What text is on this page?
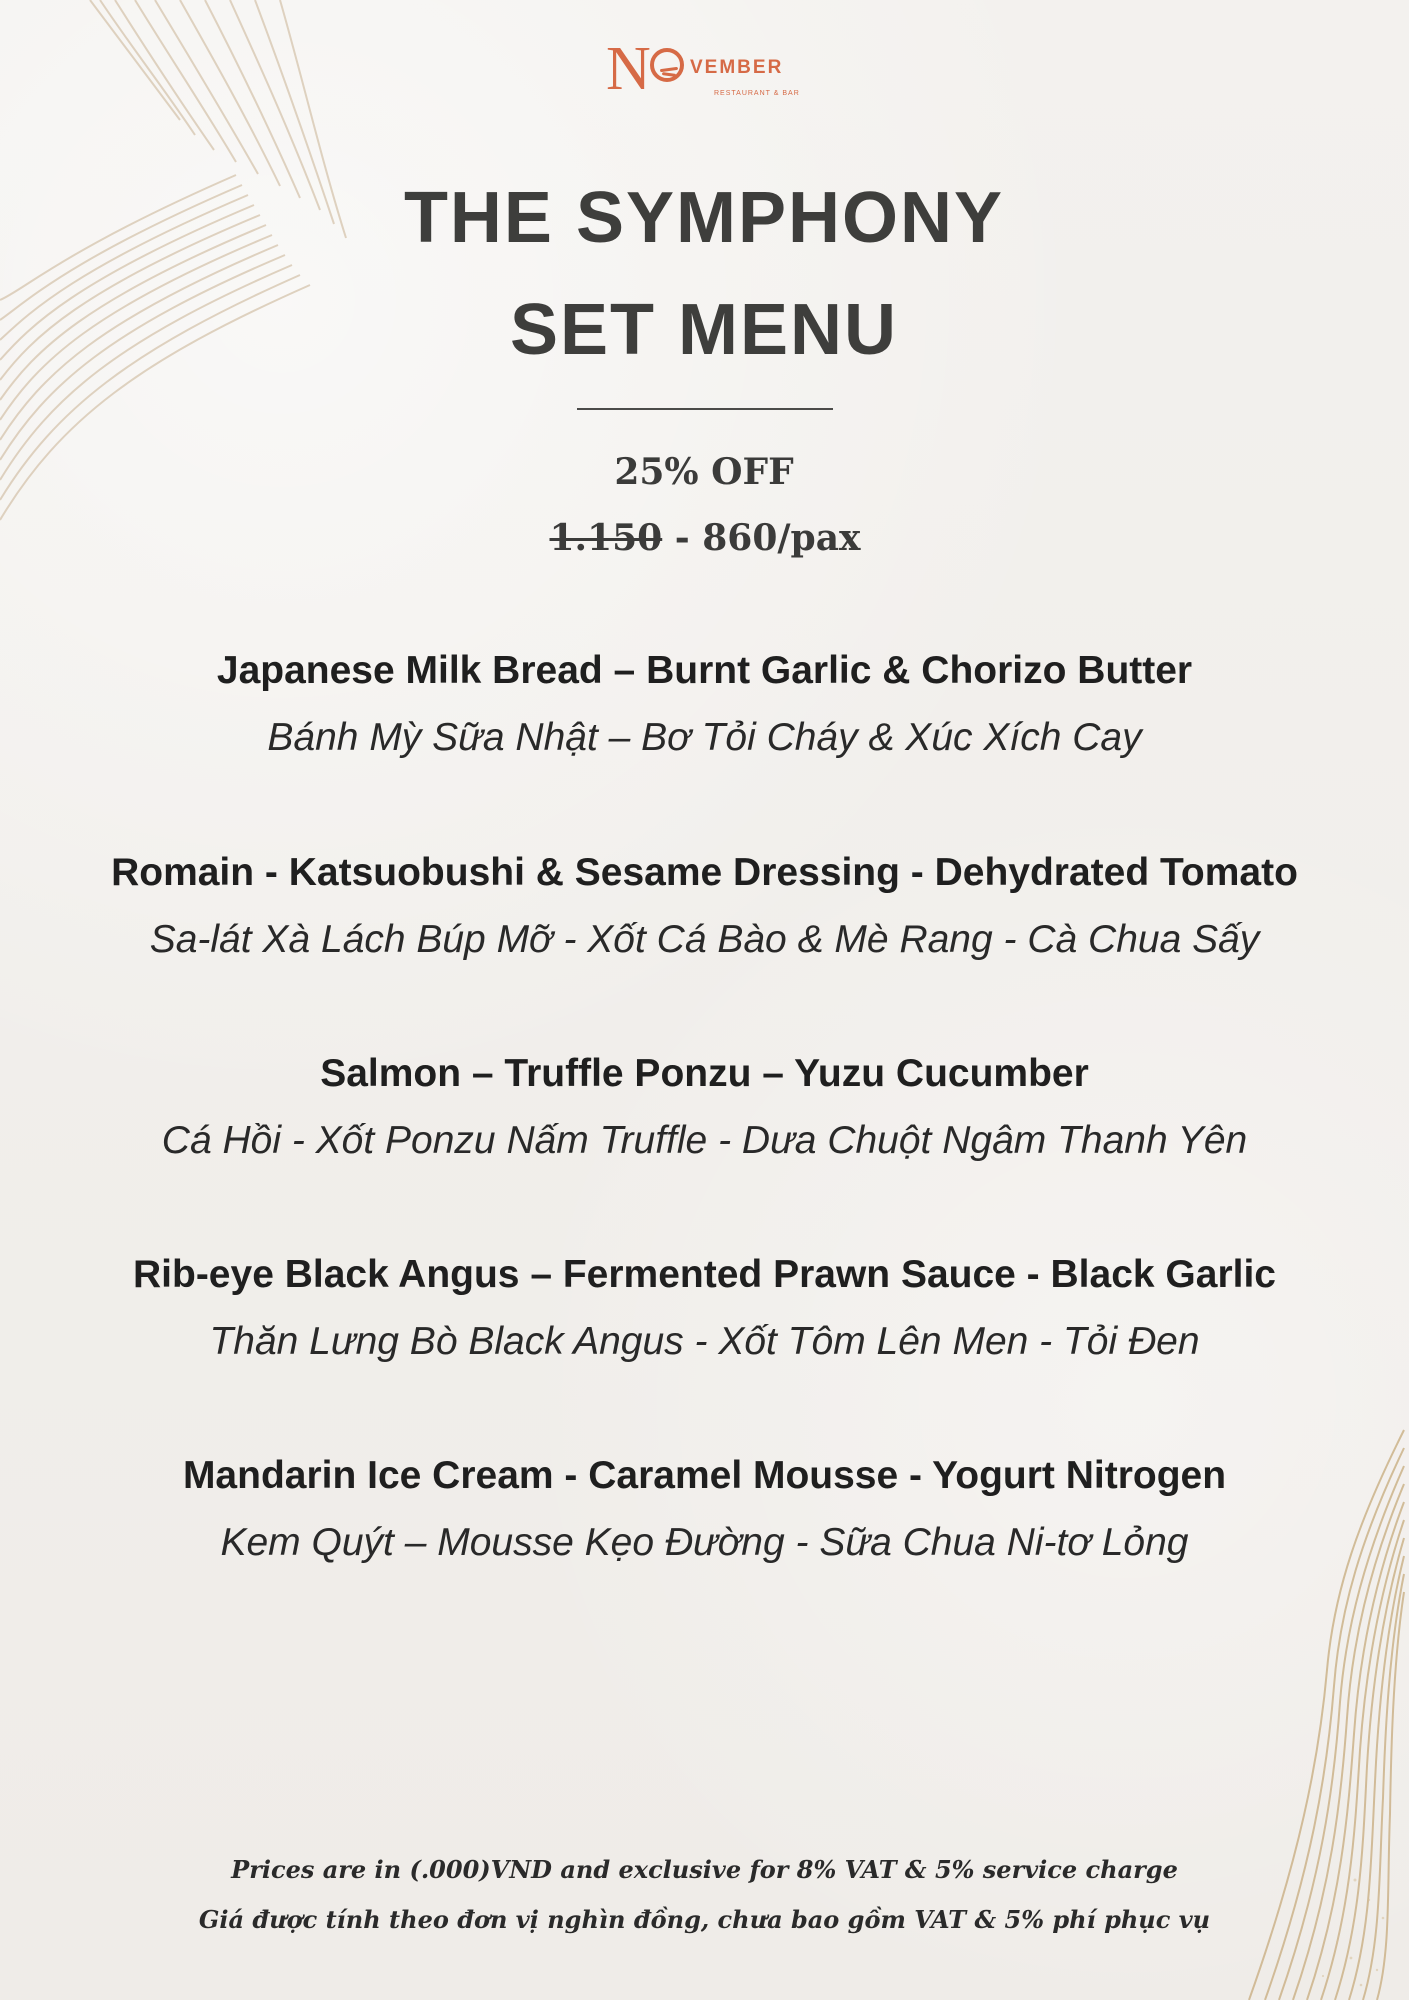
N VEMBER
RESTAURANT & BAR
THE SYMPHONY
SET MENU
25% OFF
1.150 - 860/pax
Japanese Milk Bread – Burnt Garlic & Chorizo Butter
Bánh Mỳ Sữa Nhật – Bơ Tỏi Cháy & Xúc Xích Cay
Romain - Katsuobushi & Sesame Dressing - Dehydrated Tomato
Sa-lát Xà Lách Búp Mỡ - Xốt Cá Bào & Mè Rang - Cà Chua Sấy
Salmon – Truffle Ponzu – Yuzu Cucumber
Cá Hồi - Xốt Ponzu Nấm Truffle - Dưa Chuột Ngâm Thanh Yên
Rib-eye Black Angus – Fermented Prawn Sauce - Black Garlic
Thăn Lưng Bò Black Angus - Xốt Tôm Lên Men - Tỏi Đen
Mandarin Ice Cream - Caramel Mousse - Yogurt Nitrogen
Kem Quýt – Mousse Kẹo Đường - Sữa Chua Ni-tơ Lỏng
Prices are in (.000)VND and exclusive for 8% VAT & 5% service charge
Giá được tính theo đơn vị nghìn đồng, chưa bao gồm VAT & 5% phí phục vụ
